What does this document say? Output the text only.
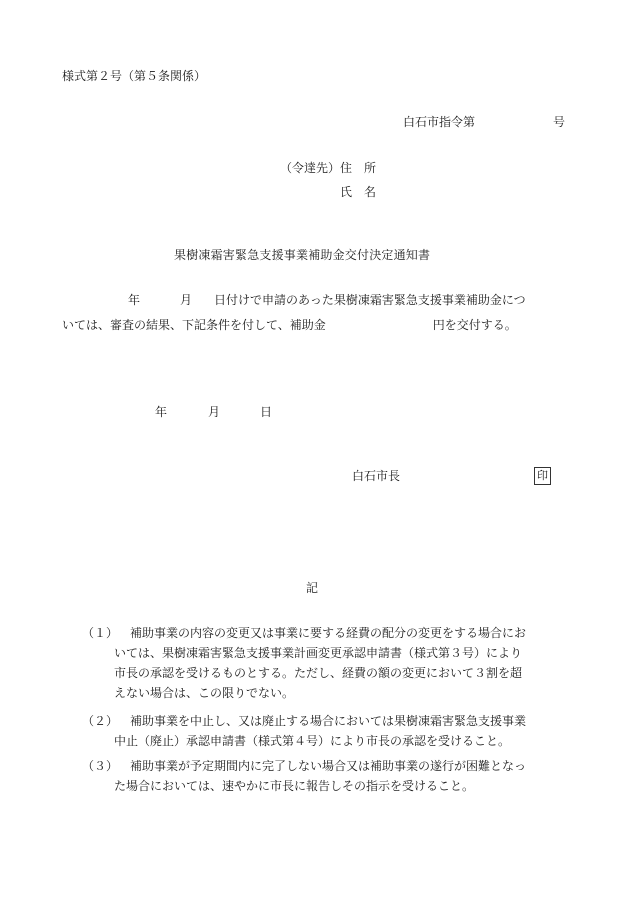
様式第２号（第５条関係）
白石市指令第	号
（令達先）住　所
氏　名
果樹凍霜害緊急支援事業補助金交付決定通知書
年	月 日付けで申請のあった果樹凍霜害緊急支援事業補助金につ
いては、審査の結果、下記条件を付して、補助金	円を交付する。
年	月	日
白石市長	印
記
（１） 補助事業の内容の変更又は事業に要する経費の配分の変更をする場合にお
いては、果樹凍霜害緊急支援事業計画変更承認申請書（様式第３号）により
市長の承認を受けるものとする。ただし、経費の額の変更において３割を超
えない場合は、この限りでない。
（２） 補助事業を中止し、又は廃止する場合においては果樹凍霜害緊急支援事業
中止（廃止）承認申請書（様式第４号）により市長の承認を受けること。
（３） 補助事業が予定期間内に完了しない場合又は補助事業の遂行が困難となっ
た場合においては、速やかに市長に報告しその指示を受けること。
